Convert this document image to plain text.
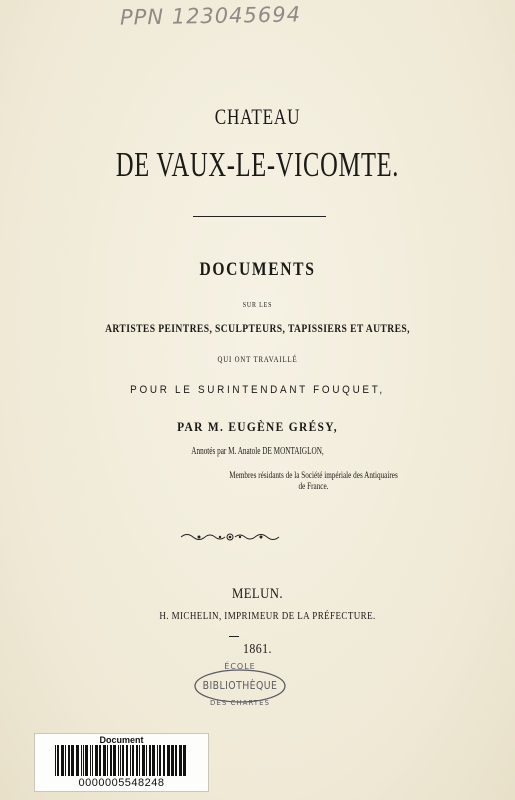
PPN 123045694
CHATEAU
DE VAUX-LE-VICOMTE.
DOCUMENTS
SUR LES
ARTISTES PEINTRES, SCULPTEURS, TAPISSIERS ET AUTRES,
QUI ONT TRAVAILLÉ
POUR LE SURINTENDANT FOUQUET,
PAR M. EUGÈNE GRÉSY,
Annotés par M. Anatole DE MONTAIGLON,
Membres résidants de la Société impériale des Antiquaires
de France.
MELUN.
H. MICHELIN, IMPRIMEUR DE LA PRÉFECTURE.
1861.
ÉCOLE
BIBLIOTHÈQUE
DES CHARTES
Document
0000005548248
